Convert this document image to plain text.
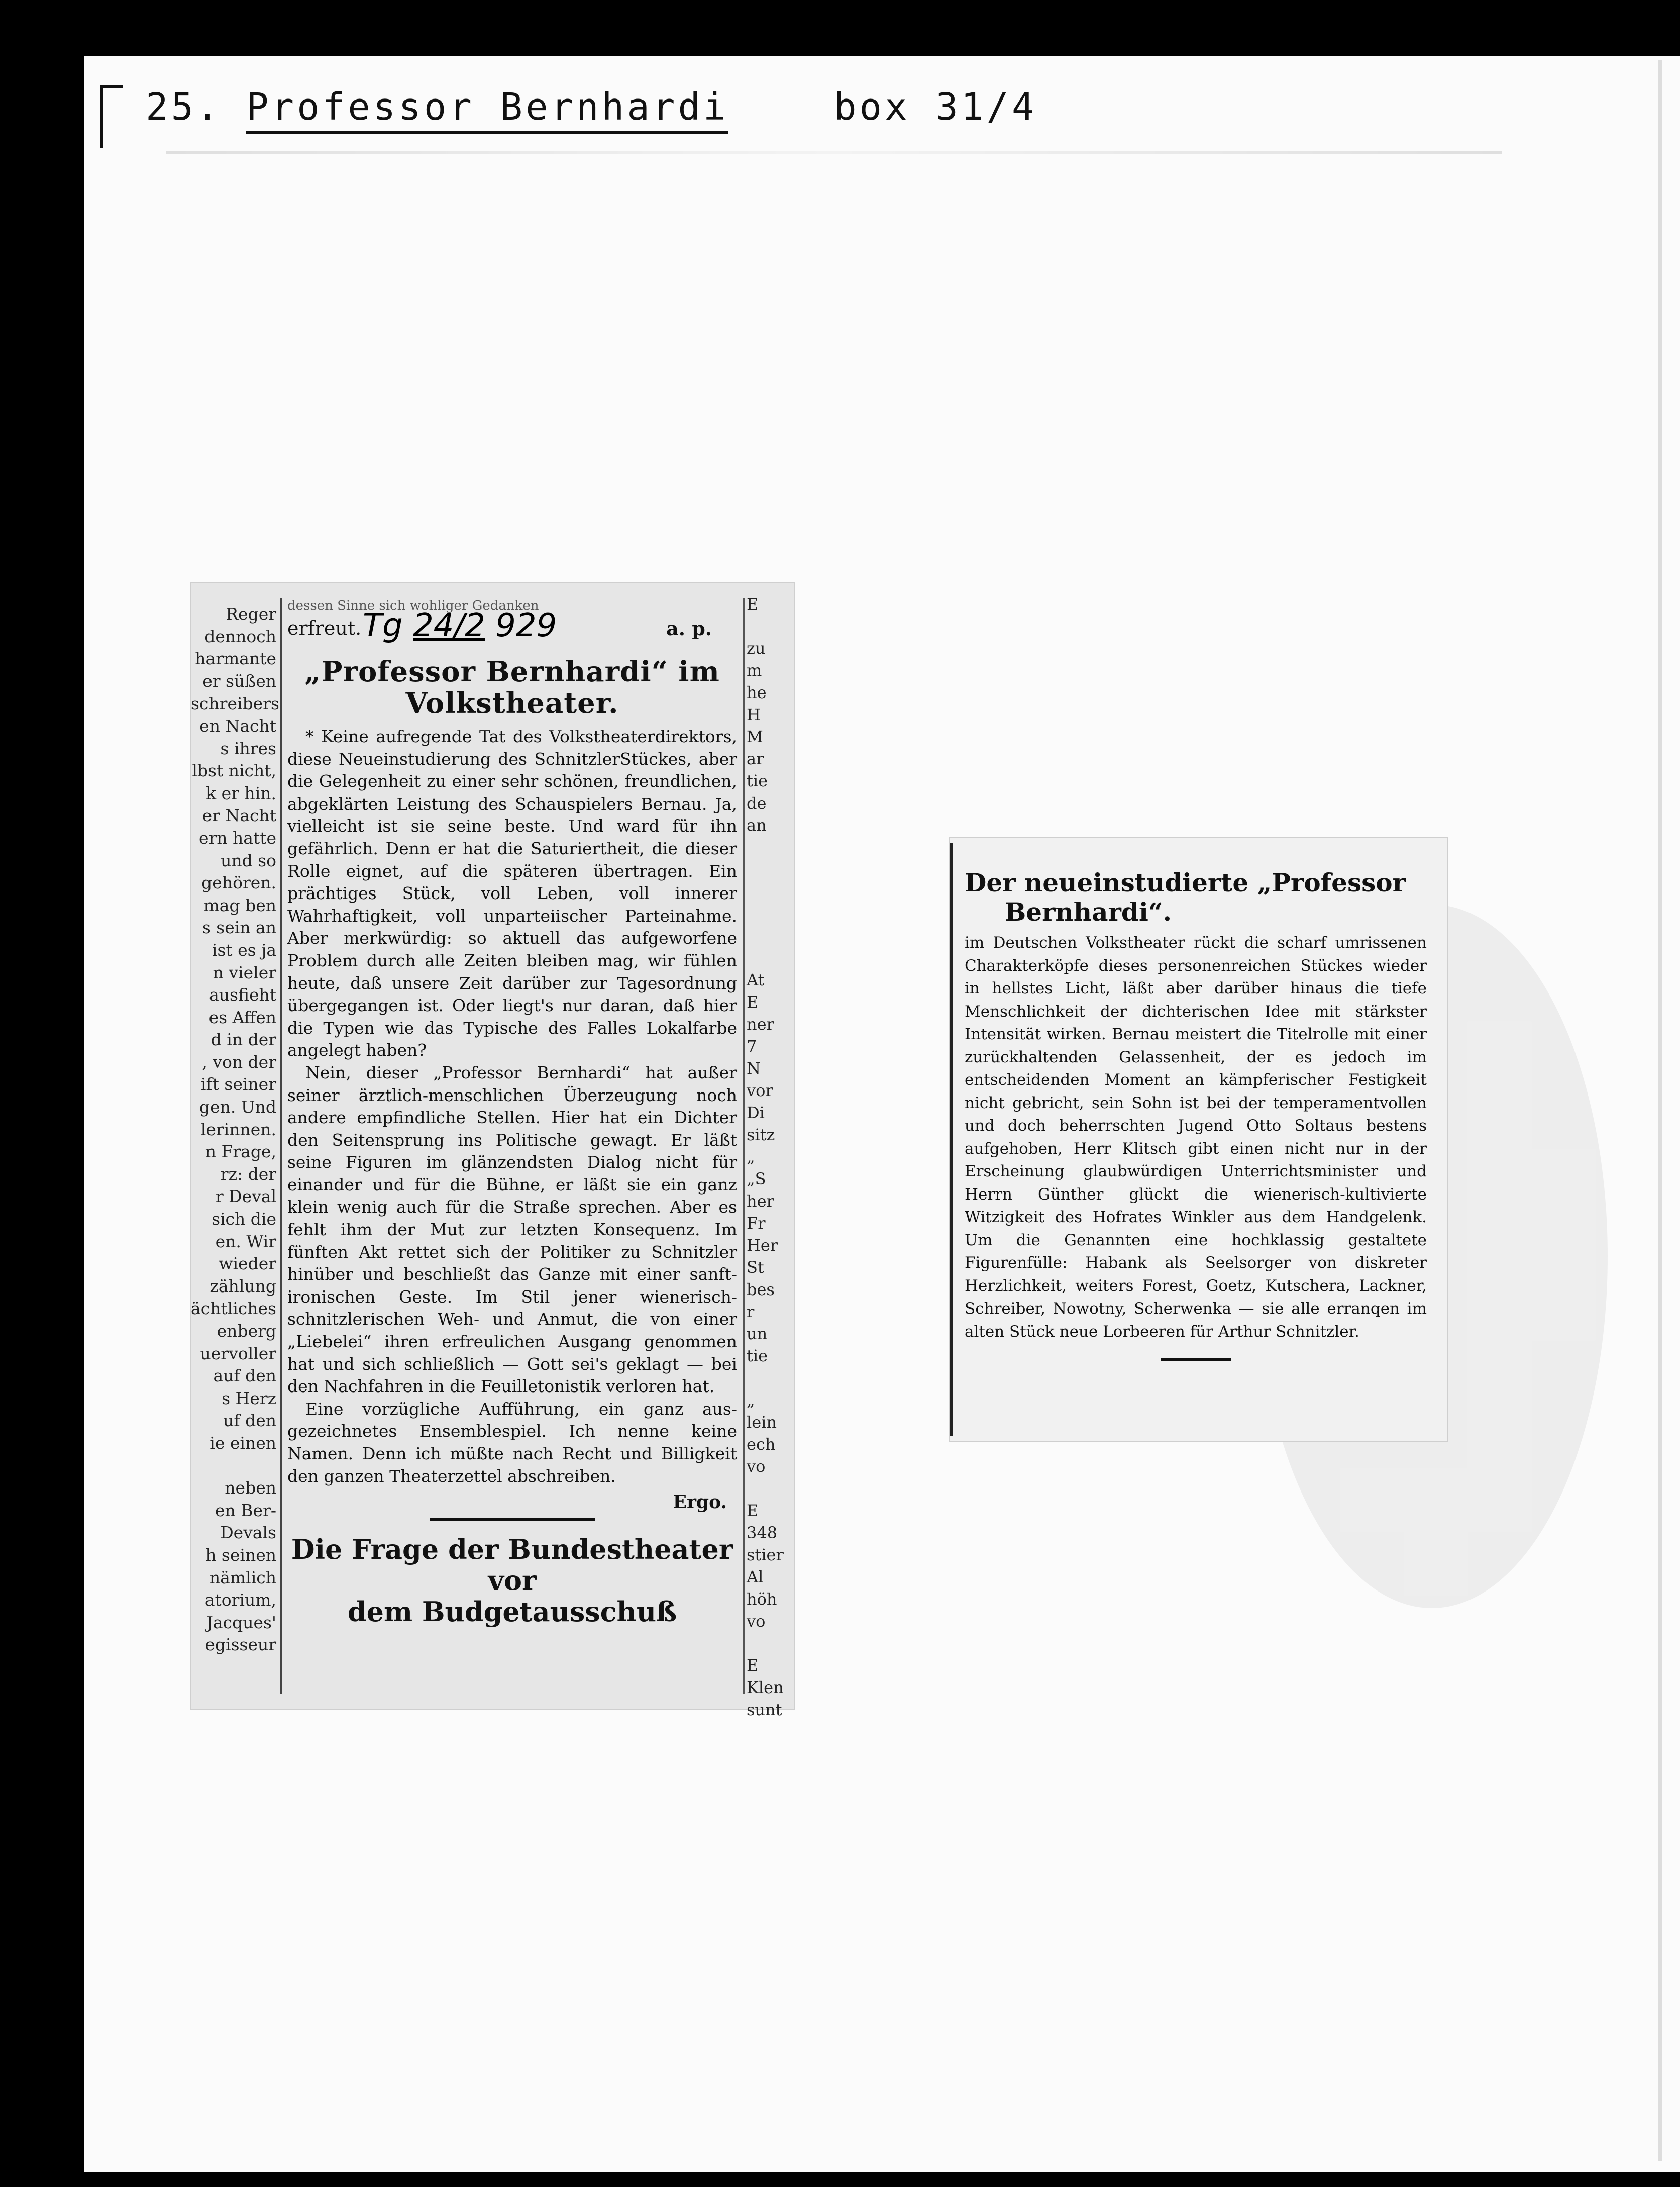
25. Professor Bernhardi	box 31/4
Reger
dennoch
harmante
er süßen
schreibers
en Nacht
s ihres
lbst nicht,
k er hin.
er Nacht
ern hatte
und so
gehören.
mag ben
s sein an
ist es ja
n vieler
ausfieht
es Affen
d in der
, von der
ift seiner
gen. Und
lerinnen.
n Frage,
rz: der
r Deval
sich die
en. Wir
wieder
zählung
ächtliches
enberg
uervoller
auf den
s Herz
uf den
ie einen

neben
en Ber-
Devals
h seinen
nämlich
atorium,
Jacques'
egisseur
E

zu
m
he
H
M
ar
tie
de
an

At
E
ner
7
N
vor
Di
sitz
„
„S
her
Fr
Her
St
bes
r
un
tie

„
lein
ech
vo

E
348
stier
Al
höh
vo

E
Klen
sunt
dessen Sinne sich wohliger Gedanken
erfreut. Tg 24/2 929	a. p.
„Professor Bernhardi“ im Volkstheater.

* Keine aufregende Tat des Volkstheaterdirektors, diese Neueinstudierung des SchnitzlerStückes, aber die Gelegenheit zu einer sehr schönen, freundlichen, abgeklärten Leistung des Schauspielers Bernau. Ja, vielleicht ist sie seine beste. Und ward für ihn gefährlich. Denn er hat die Saturiertheit, die dieser Rolle eignet, auf die späteren übertragen. Ein prächtiges Stück, voll Leben, voll innerer Wahrhaftigkeit, voll unparteiischer Parteinahme. Aber merkwürdig: so aktuell das aufgeworfene Problem durch alle Zeiten bleiben mag, wir fühlen heute, daß unsere Zeit darüber zur Tagesordnung übergegangen ist. Oder liegt's nur daran, daß hier die Typen wie das Typische des Falles Lokalfarbe angelegt haben?

Nein, dieser „Professor Bernhardi“ hat außer seiner ärztlich-menschlichen Überzeugung noch andere empfindliche Stellen. Hier hat ein Dichter den Seitensprung ins Politische gewagt. Er läßt seine Figuren im glänzendsten Dialog nicht für einander und für die Bühne, er läßt sie ein ganz klein wenig auch für die Straße sprechen. Aber es fehlt ihm der Mut zur letzten Konsequenz. Im fünften Akt rettet sich der Politiker zu Schnitzler hinüber und beschließt das Ganze mit einer sanft-ironischen Geste. Im Stil jener wienerisch-schnitzlerischen Weh- und Anmut, die von einer „Liebelei“ ihren erfreulichen Ausgang genommen hat und sich schließlich — Gott sei's geklagt — bei den Nachfahren in die Feuilletonistik verloren hat.

Eine vorzügliche Aufführung, ein ganz ausgezeichnetes Ensemblespiel. Ich nenne keine Namen. Denn ich müßte nach Recht und Billigkeit den ganzen Theaterzettel abschreiben.

Ergo.
Die Frage der Bundestheater vor
dem Budgetausschuß
Der neueinstudierte „Professor
Bernhardi“.
im Deutschen Volkstheater rückt die scharf umrissenen Charakterköpfe dieses personenreichen Stückes wieder in hellstes Licht, läßt aber darüber hinaus die tiefe Menschlichkeit der dichterischen Idee mit stärkster Intensität wirken. Bernau meistert die Titelrolle mit einer zurückhaltenden Gelassenheit, der es jedoch im entscheidenden Moment an kämpferischer Festigkeit nicht gebricht, sein Sohn ist bei der temperamentvollen und doch beherrschten Jugend Otto Soltaus bestens aufgehoben, Herr Klitsch gibt einen nicht nur in der Erscheinung glaubwürdigen Unterrichtsminister und Herrn Günther glückt die wienerisch-kultivierte Witzigkeit des Hofrates Winkler aus dem Handgelenk. Um die Genannten eine hochklassig gestaltete Figurenfülle: Habank als Seelsorger von diskreter Herzlichkeit, weiters Forest, Goetz, Kutschera, Lackner, Schreiber, Nowotny, Scherwenka — sie alle erranqen im alten Stück neue Lorbeeren für Arthur Schnitzler.
